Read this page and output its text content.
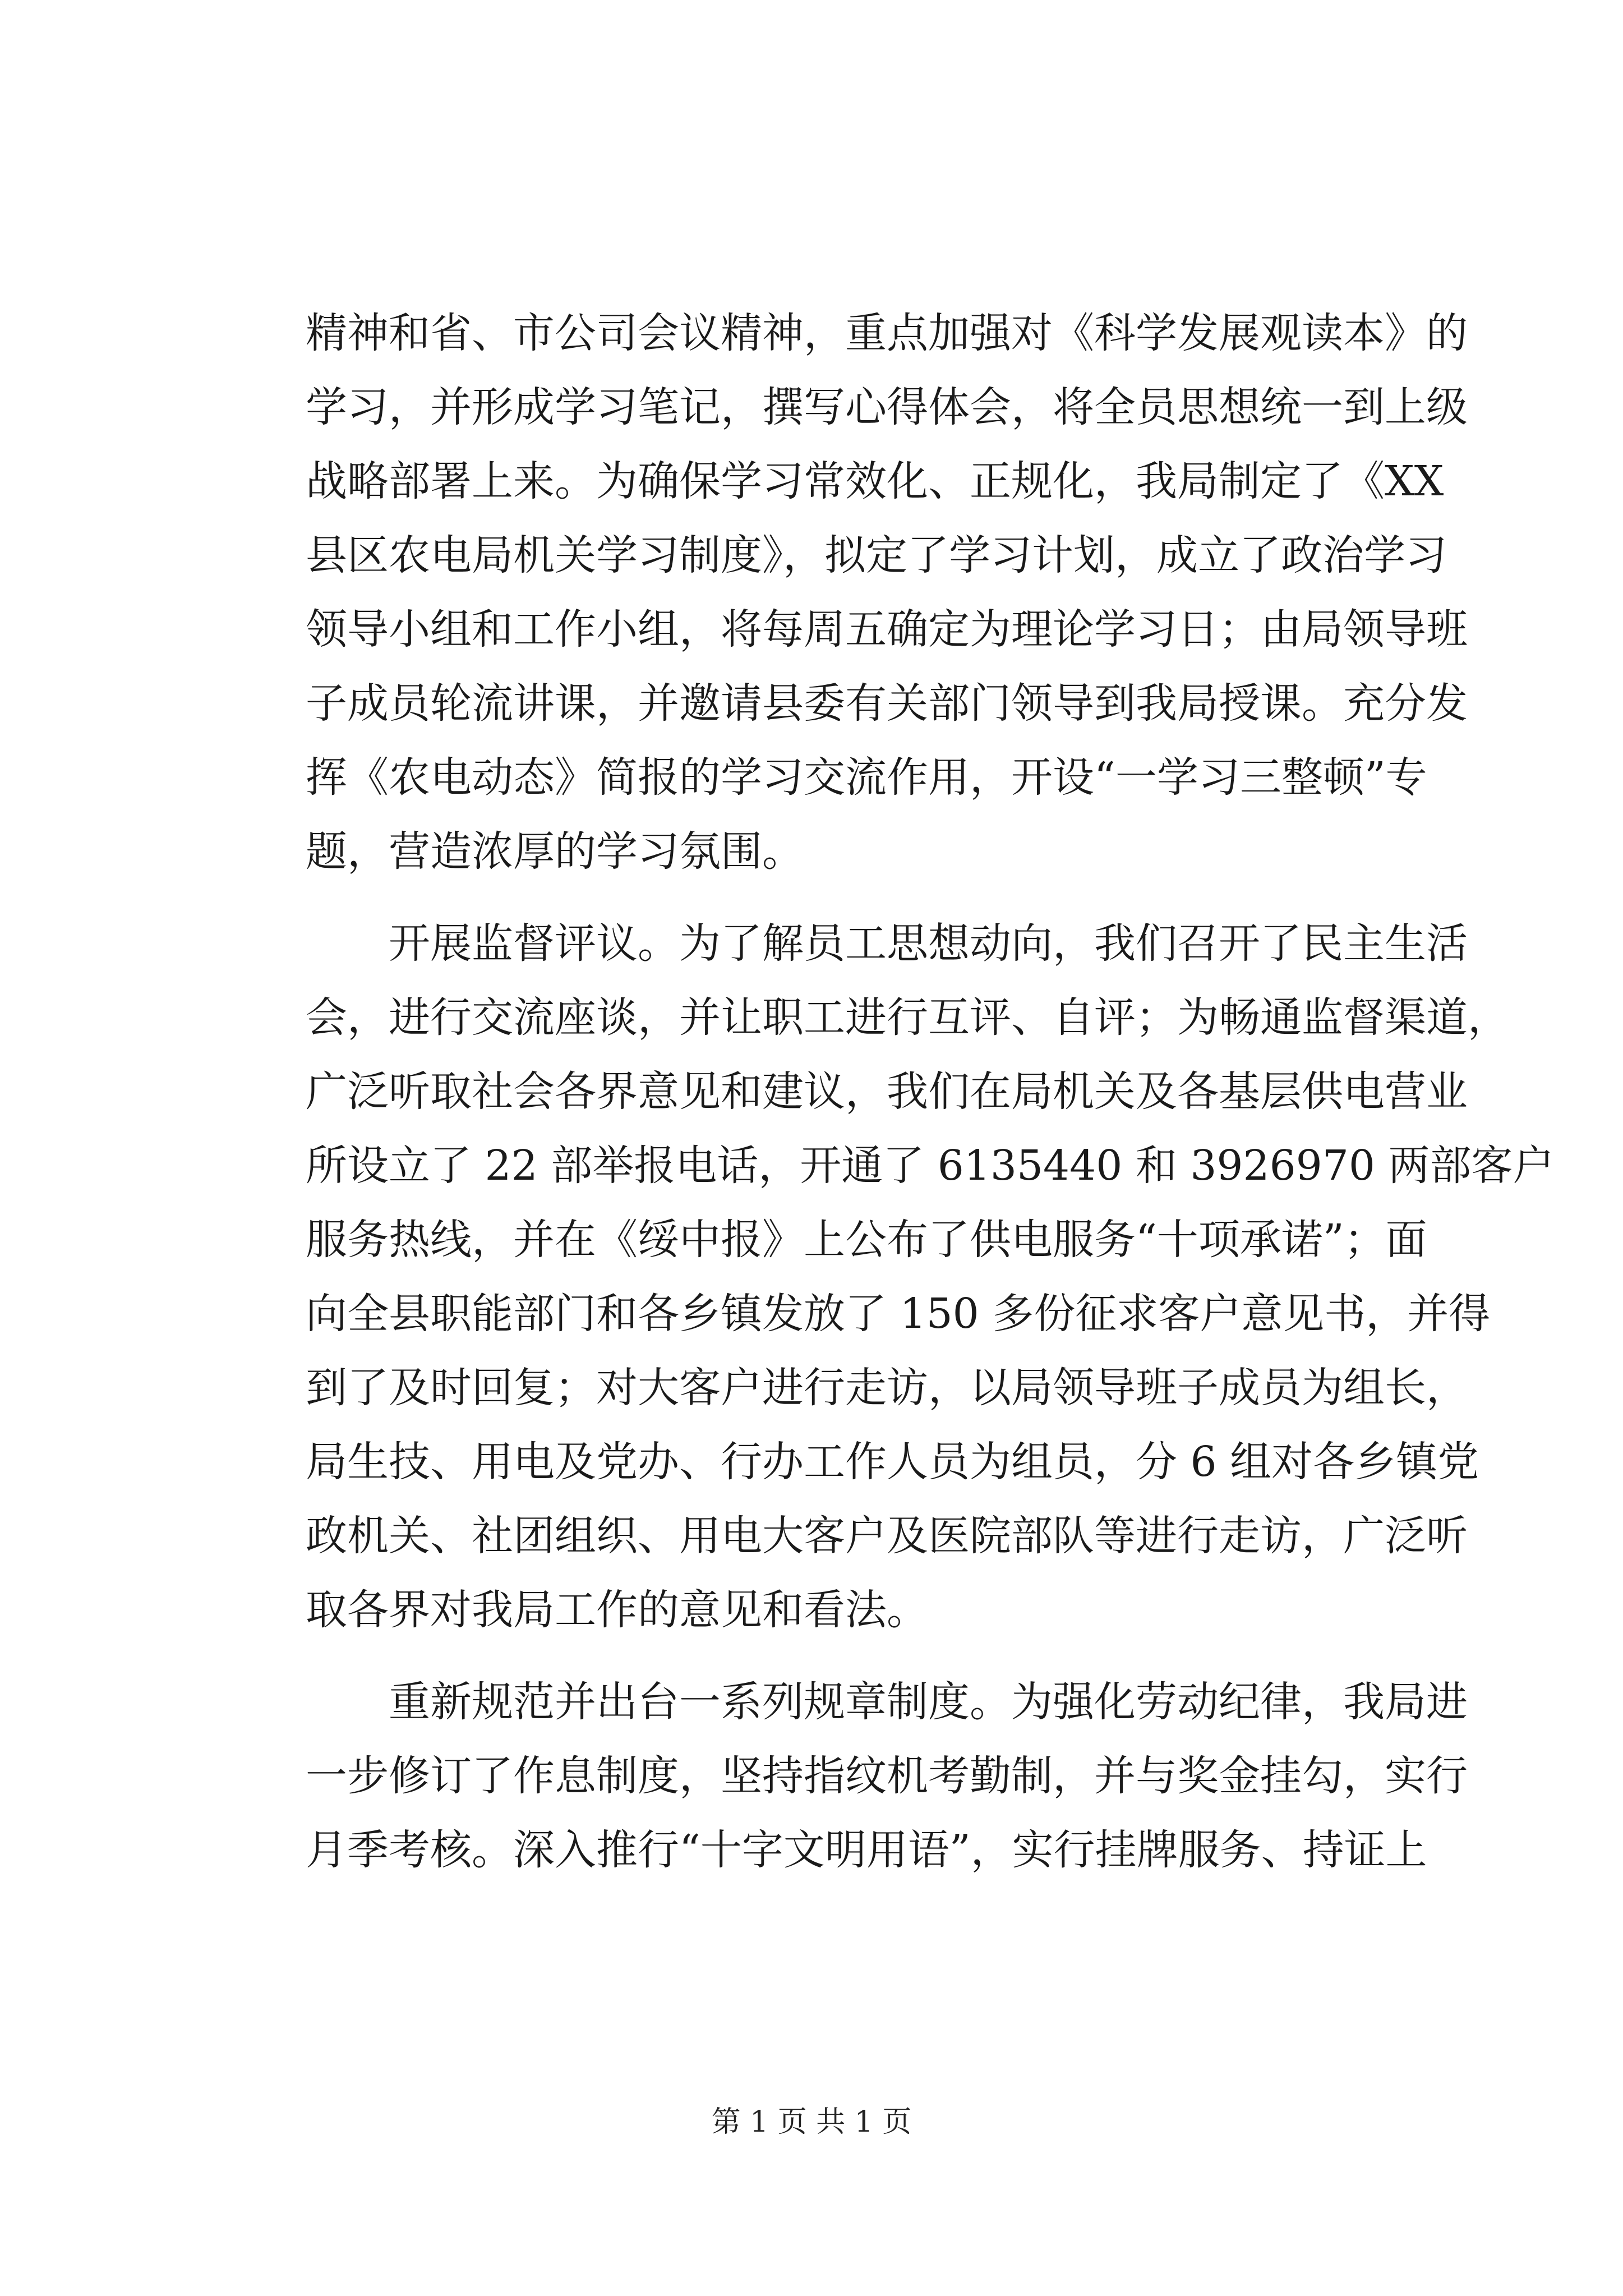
精神和省、市公司会议精神，重点加强对《科学发展观读本》的
学习，并形成学习笔记，撰写心得体会，将全员思想统一到上级
战略部署上来。为确保学习常效化、正规化，我局制定了《XX
县区农电局机关学习制度》，拟定了学习计划，成立了政治学习
领导小组和工作小组，将每周五确定为理论学习日；由局领导班
子成员轮流讲课，并邀请县委有关部门领导到我局授课。充分发
挥《农电动态》简报的学习交流作用，开设“一学习三整顿”专
题，营造浓厚的学习氛围。
　　开展监督评议。为了解员工思想动向，我们召开了民主生活
会，进行交流座谈，并让职工进行互评、自评；为畅通监督渠道，
广泛听取社会各界意见和建议，我们在局机关及各基层供电营业
所设立了 22 部举报电话，开通了 6135440 和 3926970 两部客户
服务热线，并在《绥中报》上公布了供电服务“十项承诺”；面
向全县职能部门和各乡镇发放了 150 多份征求客户意见书，并得
到了及时回复；对大客户进行走访，以局领导班子成员为组长，
局生技、用电及党办、行办工作人员为组员，分 6 组对各乡镇党
政机关、社团组织、用电大客户及医院部队等进行走访，广泛听
取各界对我局工作的意见和看法。
　　重新规范并出台一系列规章制度。为强化劳动纪律，我局进
一步修订了作息制度，坚持指纹机考勤制，并与奖金挂勾，实行
月季考核。深入推行“十字文明用语”，实行挂牌服务、持证上
第 1 页 共 1 页
